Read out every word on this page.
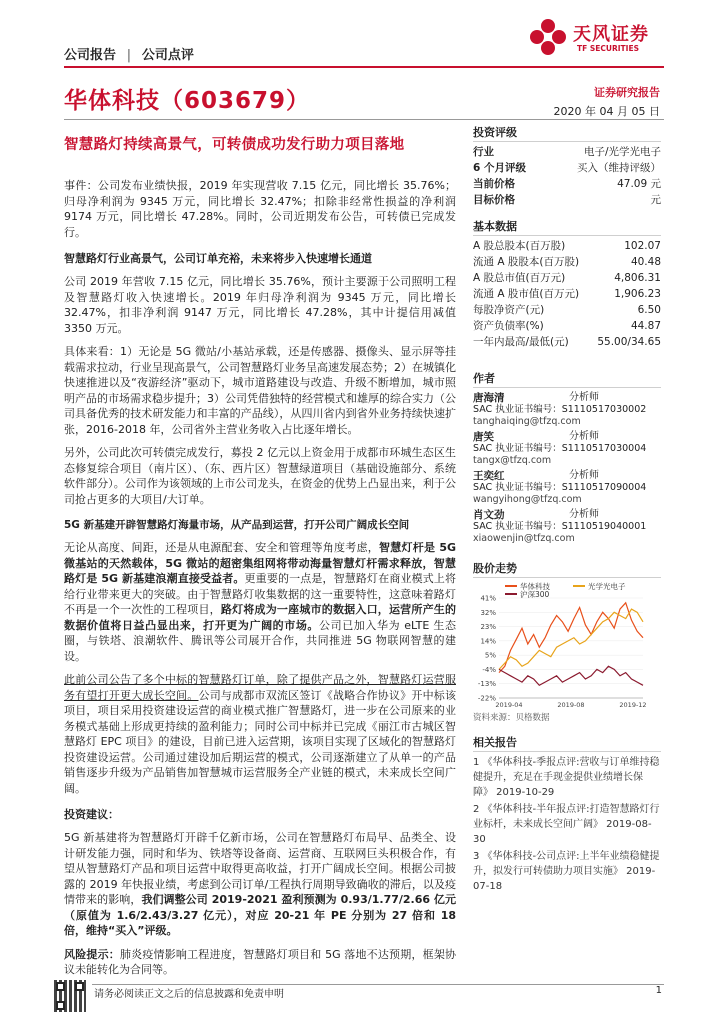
公司报告 | 公司点评
天风证券
TF SECURITIES
华体科技（603679）	证券研究报告
2020 年 04 月 05 日
智慧路灯持续高景气，可转债成功发行助力项目落地
投资评级
行业	电子/光学光电子
6 个月评级	买入（维持评级）
当前价格	47.09 元
目标价格	元
基本数据
A 股总股本(百万股)	102.07
流通 A 股股本(百万股)	40.48
A 股总市值(百万元)	4,806.31
流通 A 股市值(百万元)	1,906.23
每股净资产(元)	6.50
资产负债率(%)	44.87
一年内最高/最低(元)	55.00/34.65
作者
唐海清	分析师
SAC 执业证书编号：S1110517030002
tanghaiqing@tfzq.com
唐笑	分析师
SAC 执业证书编号：S1110517030004
tangx@tfzq.com
王奕红	分析师
SAC 执业证书编号：S1110517090004
wangyihong@tfzq.com
肖文劲	分析师
SAC 执业证书编号：S1110519040001
xiaowenjin@tfzq.com
股价走势
41%
32%
23%
14%
5%
-4%
-13%
-22%
2019-04	2019-08	2019-12
华体科技	光学光电子
沪深300
资料来源：贝格数据
相关报告
1 《华体科技-季报点评:营收与订单维持稳健提升，充足在手现金提供业绩增长保障》 2019-10-29
2 《华体科技-半年报点评:打造智慧路灯行业标杆，未来成长空间广阔》 2019-08-30
3 《华体科技-公司点评:上半年业绩稳健提升，拟发行可转债助力项目实施》 2019-07-18

事件：公司发布业绩快报，2019 年实现营收 7.15 亿元，同比增长 35.76%；归母净利润为 9345 万元，同比增长 32.47%；扣除非经常性损益的净利润 9174 万元，同比增长 47.28%。同时，公司近期发布公告，可转债已完成发行。

智慧路灯行业高景气，公司订单充裕，未来将步入快速增长通道

公司 2019 年营收 7.15 亿元，同比增长 35.76%，预计主要源于公司照明工程及智慧路灯收入快速增长。2019 年归母净利润为 9345 万元，同比增长 32.47%，扣非净利润 9147 万元，同比增长 47.28%，其中计提信用减值 3350 万元。

具体来看：1）无论是 5G 微站/小基站承载，还是传感器、摄像头、显示屏等挂载需求拉动，行业呈现高景气，公司智慧路灯业务呈高速发展态势；2）在城镇化快速推进以及“夜游经济”驱动下，城市道路建设与改造、升级不断增加，城市照明产品的市场需求稳步提升；3）公司凭借独特的经营模式和雄厚的综合实力（公司具备优秀的技术研发能力和丰富的产品线），从四川省内到省外业务持续快速扩张，2016-2018 年，公司省外主营业务收入占比逐年增长。

另外，公司此次可转债完成发行，募投 2 亿元以上资金用于成都市环城生态区生态修复综合项目（南片区）、（东、西片区）智慧绿道项目（基础设施部分、系统软件部分）。公司作为该领域的上市公司龙头，在资金的优势上凸显出来，利于公司抢占更多的大项目/大订单。

5G 新基建开辟智慧路灯海量市场，从产品到运营，打开公司广阔成长空间

无论从高度、间距，还是从电源配套、安全和管理等角度考虑，智慧灯杆是 5G 微基站的天然载体，5G 微站的超密集组网将带动海量智慧灯杆需求释放，智慧路灯是 5G 新基建浪潮直接受益者。更重要的一点是，智慧路灯在商业模式上将给行业带来更大的突破。由于智慧路灯收集数据的这一重要特性，这意味着路灯不再是一个一次性的工程项目，路灯将成为一座城市的数据入口，运营所产生的数据价值将日益凸显出来，打开更为广阔的市场。公司已加入华为 eLTE 生态圈，与铁塔、浪潮软件、腾讯等公司展开合作，共同推进 5G 物联网智慧的建设。

此前公司公告了多个中标的智慧路灯订单，除了提供产品之外，智慧路灯运营服务有望打开更大成长空间。公司与成都市双流区签订《战略合作协议》开中标该项目，项目采用投资建设运营的商业模式推广智慧路灯，进一步在公司原来的业务模式基础上形成更持续的盈利能力；同时公司中标并已完成《丽江市古城区智慧路灯 EPC 项目》的建设，目前已进入运营期，该项目实现了区域化的智慧路灯投资建设运营。公司通过建设加后期运营的模式，公司逐渐建立了从单一的产品销售逐步升级为产品销售加智慧城市运营服务全产业链的模式，未来成长空间广阔。

投资建议：

5G 新基建将为智慧路灯开辟千亿新市场，公司在智慧路灯布局早、品类全、设计研发能力强，同时和华为、铁塔等设备商、运营商、互联网巨头积极合作，有望从智慧路灯产品和项目运营中取得更高收益，打开广阔成长空间。根据公司披露的 2019 年快报业绩，考虑到公司订单/工程执行周期导致确收的滞后，以及疫情带来的影响，我们调整公司 2019-2021 盈利预测为 0.93/1.77/2.66 亿元（原值为 1.6/2.43/3.27 亿元），对应 20-21 年 PE 分别为 27 倍和 18 倍，维持“买入”评级。

风险提示：肺炎疫情影响工程进度，智慧路灯项目和 5G 落地不达预期，框架协议未能转化为合同等。

请务必阅读正文之后的信息披露和免责申明	1
